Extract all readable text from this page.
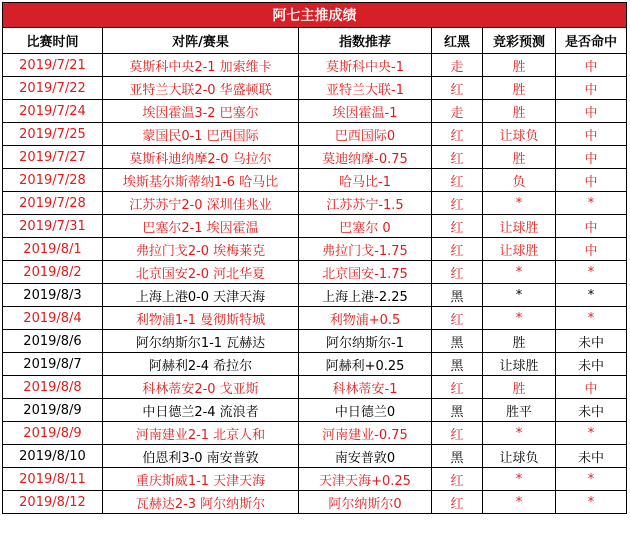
阿七主推成绩					
比赛时间	对阵/赛果	指数推荐	红黑	竞彩预测	是否命中
2019/7/21	莫斯科中央2-1 加索维卡	莫斯科中央-1	走	胜	中
2019/7/22	亚特兰大联2-0 华盛顿联	亚特兰大联-1	红	胜	中
2019/7/24	埃因霍温3-2 巴塞尔	埃因霍温-1	走	胜	中
2019/7/25	蒙国民0-1 巴西国际	巴西国际0	红	让球负	中
2019/7/27	莫斯科迪纳摩2-0 乌拉尔	莫迪纳摩-0.75	红	胜	中
2019/7/28	埃斯基尔斯蒂纳1-6 哈马比	哈马比-1	红	负	中
2019/7/28	江苏苏宁2-0 深圳佳兆业	江苏苏宁-1.5	红	*	*
2019/7/31	巴塞尔2-1 埃因霍温	巴塞尔 0	红	让球胜	中
2019/8/1	弗拉门戈2-0 埃梅莱克	弗拉门戈-1.75	红	让球胜	中
2019/8/2	北京国安2-0 河北华夏	北京国安-1.75	红	*	*
2019/8/3	上海上港0-0 天津天海	上海上港-2.25	黑	*	*
2019/8/4	利物浦1-1 曼彻斯特城	利物浦+0.5	红	*	*
2019/8/6	阿尔纳斯尔1-1 瓦赫达	阿尔纳斯尔-1	黑	胜	未中
2019/8/7	阿赫利2-4 希拉尔	阿赫利+0.25	黑	让球胜	未中
2019/8/8	科林蒂安2-0 戈亚斯	科林蒂安-1	红	胜	中
2019/8/9	中日德兰2-4 流浪者	中日德兰0	黑	胜平	未中
2019/8/9	河南建业2-1 北京人和	河南建业-0.75	红	*	*
2019/8/10	伯恩利3-0 南安普敦	南安普敦0	黑	让球负	未中
2019/8/11	重庆斯威1-1 天津天海	天津天海+0.25	红	*	*
2019/8/12	瓦赫达2-3 阿尔纳斯尔	阿尔纳斯尔0	红	*	*
